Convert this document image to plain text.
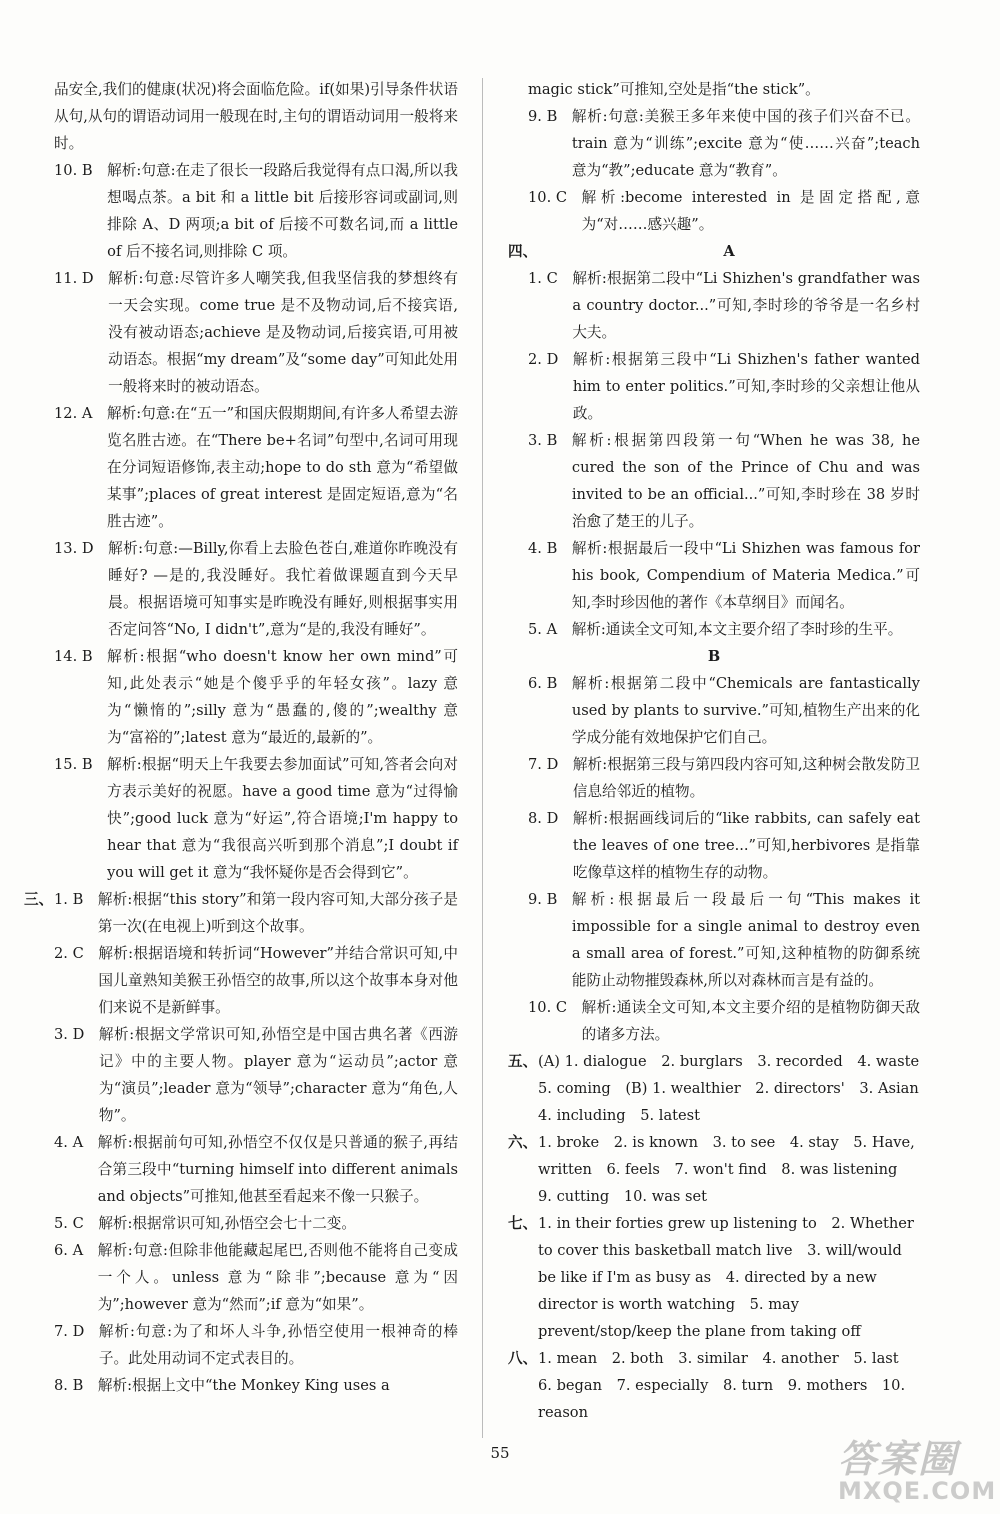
品安全,我们的健康(状况)将会面临危险。if(如果)引导条件状语从句,从句的谓语动词用一般现在时,主句的谓语动词用一般将来时。
10. B　 解析:句意:在走了很长一段路后我觉得有点口渴,所以我想喝点茶。a bit 和 a little bit 后接形容词或副词,则排除 A、D 两项;a bit of 后接不可数名词,而 a little of 后不接名词,则排除 C 项。
11. D　 解析:句意:尽管许多人嘲笑我,但我坚信我的梦想终有一天会实现。come true 是不及物动词,后不接宾语,没有被动语态;achieve 是及物动词,后接宾语,可用被动语态。根据“my dream”及“some day”可知此处用一般将来时的被动语态。
12. A　 解析:句意:在“五一”和国庆假期期间,有许多人希望去游览名胜古迹。在“There be+名词”句型中,名词可用现在分词短语修饰,表主动;hope to do sth 意为“希望做某事”;places of great interest 是固定短语,意为“名胜古迹”。
13. D　 解析:句意:—Billy,你看上去脸色苍白,难道你昨晚没有睡好? —是的,我没睡好。我忙着做课题直到今天早晨。根据语境可知事实是昨晚没有睡好,则根据事实用否定问答“No, I didn't”,意为“是的,我没有睡好”。
14. B　 解析:根据“who doesn't know her own mind”可知,此处表示“她是个傻乎乎的年轻女孩”。lazy 意为“懒惰的”;silly 意为“愚蠢的,傻的”;wealthy 意为“富裕的”;latest 意为“最近的,最新的”。
15. B　 解析:根据“明天上午我要去参加面试”可知,答者会向对方表示美好的祝愿。have a good time 意为“过得愉快”;good luck 意为“好运”,符合语境;I'm happy to hear that 意为“我很高兴听到那个消息”;I doubt if you will get it 意为“我怀疑你是否会得到它”。
三、 1. B　 解析:根据“this story”和第一段内容可知,大部分孩子是第一次(在电视上)听到这个故事。
2. C　 解析:根据语境和转折词“However”并结合常识可知,中国儿童熟知美猴王孙悟空的故事,所以这个故事本身对他们来说不是新鲜事。
3. D　 解析:根据文学常识可知,孙悟空是中国古典名著《西游记》中的主要人物。player 意为“运动员”;actor 意为“演员”;leader 意为“领导”;character 意为“角色,人物”。
4. A　 解析:根据前句可知,孙悟空不仅仅是只普通的猴子,再结合第三段中“turning himself into different animals and objects”可推知,他甚至看起来不像一只猴子。
5. C　 解析:根据常识可知,孙悟空会七十二变。
6. A　 解析:句意:但除非他能藏起尾巴,否则他不能将自己变成一个人。unless 意为“除非”;because 意为“因为”;however 意为“然而”;if 意为“如果”。
7. D　 解析:句意:为了和坏人斗争,孙悟空使用一根神奇的棒子。此处用动词不定式表目的。
8. B　 解析:根据上文中“the Monkey King uses a
magic stick”可推知,空处是指“the stick”。
9. B　 解析:句意:美猴王多年来使中国的孩子们兴奋不已。train 意为“训练”;excite 意为“使……兴奋”;teach 意为“教”;educate 意为“教育”。
10. C　 解析:become interested in 是固定搭配,意为“对……感兴趣”。
四、	A
1. C　 解析:根据第二段中“Li Shizhen's grandfather was a country doctor...”可知,李时珍的爷爷是一名乡村大夫。
2. D　 解析:根据第三段中“Li Shizhen's father wanted him to enter politics.”可知,李时珍的父亲想让他从政。
3. B　 解析:根据第四段第一句“When he was 38, he cured the son of the Prince of Chu and was invited to be an official...”可知,李时珍在 38 岁时治愈了楚王的儿子。
4. B　 解析:根据最后一段中“Li Shizhen was famous for his book, Compendium of Materia Medica.”可知,李时珍因他的著作《本草纲目》而闻名。
5. A　 解析:通读全文可知,本文主要介绍了李时珍的生平。
B
6. B　 解析:根据第二段中“Chemicals are fantastically used by plants to survive.”可知,植物生产出来的化学成分能有效地保护它们自己。
7. D　 解析:根据第三段与第四段内容可知,这种树会散发防卫信息给邻近的植物。
8. D　 解析:根据画线词后的“like rabbits, can safely eat the leaves of one tree...”可知,herbivores 是指靠吃像草这样的植物生存的动物。
9. B　 解析:根据最后一段最后一句“This makes it impossible for a single animal to destroy even a small area of forest.”可知,这种植物的防御系统能防止动物摧毁森林,所以对森林而言是有益的。
10. C　 解析:通读全文可知,本文主要介绍的是植物防御天敌的诸多方法。
五、 (A) 1. dialogue　2. burglars　3. recorded　4. waste　5. coming　(B) 1. wealthier　2. directors'　3. Asian　4. including　5. latest
六、 1. broke　2. is known　3. to see　4. stay　5. Have, written　6. feels　7. won't find　8. was listening　9. cutting　10. was set
七、 1. in their forties grew up listening to　2. Whether to cover this basketball match live　3. will/would be like if I'm as busy as　4. directed by a new director is worth watching　5. may prevent/stop/keep the plane from taking off
八、 1. mean　2. both　3. similar　4. another　5. last　6. began　7. especially　8. turn　9. mothers　10. reason
55	答案圈
MXQE.COM
